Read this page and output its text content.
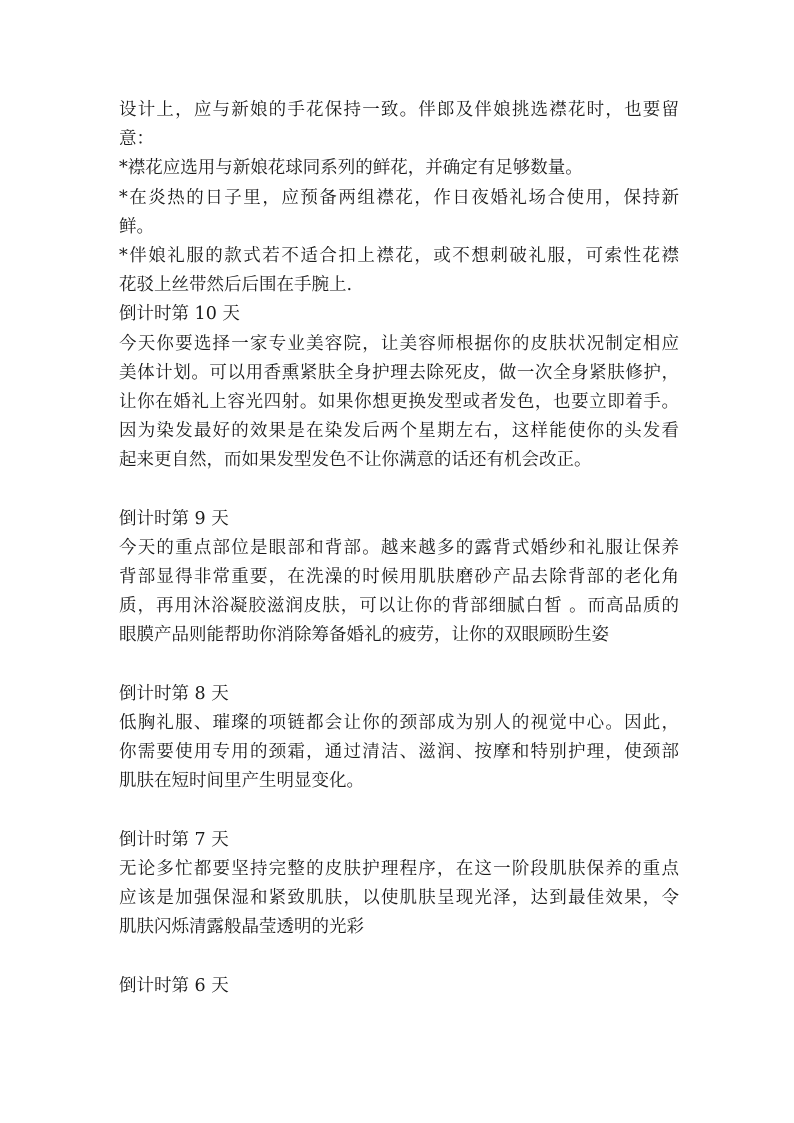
设计上，应与新娘的手花保持一致。伴郎及伴娘挑选襟花时，也要留
意：
*襟花应选用与新娘花球同系列的鲜花，并确定有足够数量。
*在炎热的日子里，应预备两组襟花，作日夜婚礼场合使用，保持新
鲜。
*伴娘礼服的款式若不适合扣上襟花，或不想刺破礼服，可索性花襟
花驳上丝带然后后围在手腕上.
倒计时第 10 天
今天你要选择一家专业美容院，让美容师根据你的皮肤状况制定相应
美体计划。可以用香熏紧肤全身护理去除死皮，做一次全身紧肤修护，
让你在婚礼上容光四射。如果你想更换发型或者发色，也要立即着手。
因为染发最好的效果是在染发后两个星期左右，这样能使你的头发看
起来更自然，而如果发型发色不让你满意的话还有机会改正。
倒计时第 9 天
今天的重点部位是眼部和背部。越来越多的露背式婚纱和礼服让保养
背部显得非常重要，在洗澡的时候用肌肤磨砂产品去除背部的老化角
质，再用沐浴凝胶滋润皮肤，可以让你的背部细腻白皙 。而高品质的
眼膜产品则能帮助你消除筹备婚礼的疲劳，让你的双眼顾盼生姿
倒计时第 8 天
低胸礼服、璀璨的项链都会让你的颈部成为别人的视觉中心。因此，
你需要使用专用的颈霜，通过清洁、滋润、按摩和特别护理，使颈部
肌肤在短时间里产生明显变化。
倒计时第 7 天
无论多忙都要坚持完整的皮肤护理程序，在这一阶段肌肤保养的重点
应该是加强保湿和紧致肌肤，以使肌肤呈现光泽，达到最佳效果，令
肌肤闪烁清露般晶莹透明的光彩
倒计时第 6 天
